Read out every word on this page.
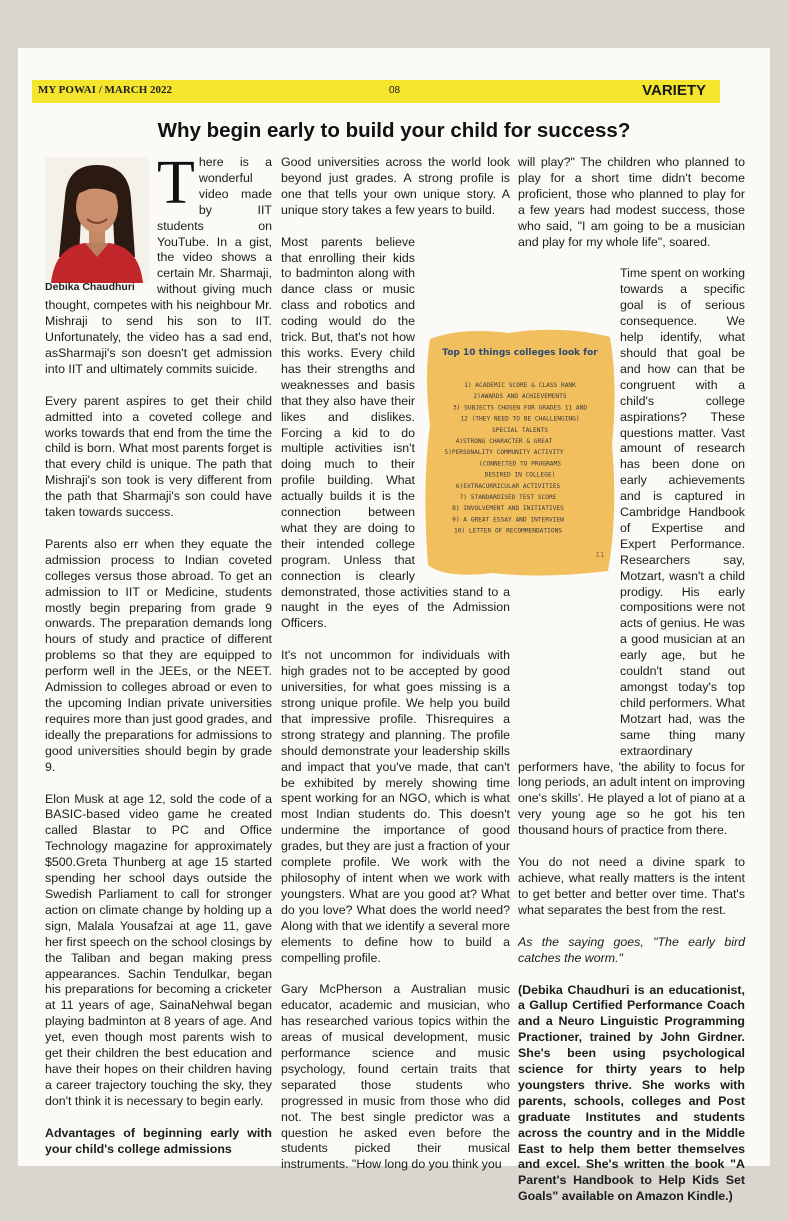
MY POWAI / MARCH 2022	08	VARIETY
Why begin early to build your child for success?
T here is a wonderful video made by IIT students on YouTube. In a gist, the video shows a certain Mr. Sharmaji, without giving much thought, competes with his neighbour Mr. Mishraji to send his son to IIT. Unfortunately, the video has a sad end, asSharmaji's son doesn't get admission into IIT and ultimately commits suicide.

Every parent aspires to get their child admitted into a coveted college and works towards that end from the time the child is born. What most parents forget is that every child is unique. The path that Mishraji's son took is very different from the path that Sharmaji's son could have taken towards success.

Parents also err when they equate the admission process to Indian coveted colleges versus those abroad. To get an admission to IIT or Medicine, students mostly begin preparing from grade 9 onwards. The preparation demands long hours of study and practice of different problems so that they are equipped to perform well in the JEEs, or the NEET. Admission to colleges abroad or even to the upcoming Indian private universities requires more than just good grades, and ideally the preparations for admissions to good universities should begin by grade 9.

Elon Musk at age 12, sold the code of a BASIC-based video game he created called Blastar to PC and Office Technology magazine for approximately $500.Greta Thunberg at age 15 started spending her school days outside the Swedish Parliament to call for stronger action on climate change by holding up a sign, Malala Yousafzai at age 11, gave her first speech on the school closings by the Taliban and began making press appearances. Sachin Tendulkar, began his preparations for becoming a cricketer at 11 years of age, SainaNehwal began playing badminton at 8 years of age. And yet, even though most parents wish to get their children the best education and have their hopes on their children having a career trajectory touching the sky, they don't think it is necessary to begin early.

Advantages of beginning early with your child's college admissions

Debika Chaudhuri

Good universities across the world look beyond just grades. A strong profile is one that tells your own unique story. A unique story takes a few years to build.

Most parents believe that enrolling their kids to badminton along with dance class or music class and robotics and coding would do the trick. But, that's not how this works. Every child has their strengths and weaknesses and basis that they also have their likes and dislikes. Forcing a kid to do multiple activities isn't doing much to their profile building. What actually builds it is the connection between what they are doing to their intended college program. Unless that connection is clearly demonstrated, those activities stand to a naught in the eyes of the Admission Officers.

It's not uncommon for individuals with high grades not to be accepted by good universities, for what goes missing is a strong unique profile. We help you build that impressive profile. Thisrequires a strong strategy and planning. The profile should demonstrate your leadership skills and impact that you've made, that can't be exhibited by merely showing time spent working for an NGO, which is what most Indian students do. This doesn't undermine the importance of good grades, but they are just a fraction of your complete profile. We work with the philosophy of intent when we work with youngsters. What are you good at? What do you love? What does the world need? Along with that we identify a several more elements to define how to build a compelling profile.

Gary McPherson a Australian music educator, academic and musician, who has researched various topics within the areas of musical development, music performance science and music psychology, found certain traits that separated those students who progressed in music from those who did not. The best single predictor was a question he asked even before the students picked their musical instruments. "How long do you think you

will play?" The children who planned to play for a short time didn't become proficient, those who planned to play for a few years had modest success, those who said, "I am going to be a musician and play for my whole life", soared.

Time spent on working towards a specific goal is of serious consequence. We help identify, what should that goal be and how can that be congruent with a child's college aspirations? These questions matter. Vast amount of research has been done on early achievements and is captured in Cambridge Handbook of Expertise and Expert Performance. Researchers say, Motzart, wasn't a child prodigy. His early compositions were not acts of genius. He was a good musician at an early age, but he couldn't stand out amongst today's top child performers. What Motzart had, was the same thing many extraordinary performers have, 'the ability to focus for long periods, an adult intent on improving one's skills'. He played a lot of piano at a very young age so he got his ten thousand hours of practice from there.

You do not need a divine spark to achieve, what really matters is the intent to get better and better over time. That's what separates the best from the rest.

As the saying goes, "The early bird catches the worm."

(Debika Chaudhuri is an educationist, a Gallup Certified Performance Coach and a Neuro Linguistic Programming Practioner, trained by John Girdner. She's been using psychological science for thirty years to help youngsters thrive. She works with parents, schools, colleges and Post graduate Institutes and students across the country and in the Middle East to help them better themselves and excel. She's written the book "A Parent's Handbook to Help Kids Set Goals" available on Amazon Kindle.)

Top 10 things colleges look for
1) ACADEMIC SCORE & CLASS RANK
2)AWARDS AND ACHIEVEMENTS
3) SUBJECTS CHOSEN FOR GRADES 11 AND
12 (THEY NEED TO BE CHALLENGING)
SPECIAL TALENTS
4)STRONG CHARACTER & GREAT
5)PERSONALITY COMMUNITY ACTIVITY
(CONNECTED TO PROGRAMS
DESIRED IN COLLEGE)
6)EXTRACURRICULAR ACTIVITIES
7) STANDARDISED TEST SCORE
8) INVOLVEMENT AND INITIATIVES
9) A GREAT ESSAY AND INTERVIEW
10) LETTER OF RECOMMENDATIONS
11
